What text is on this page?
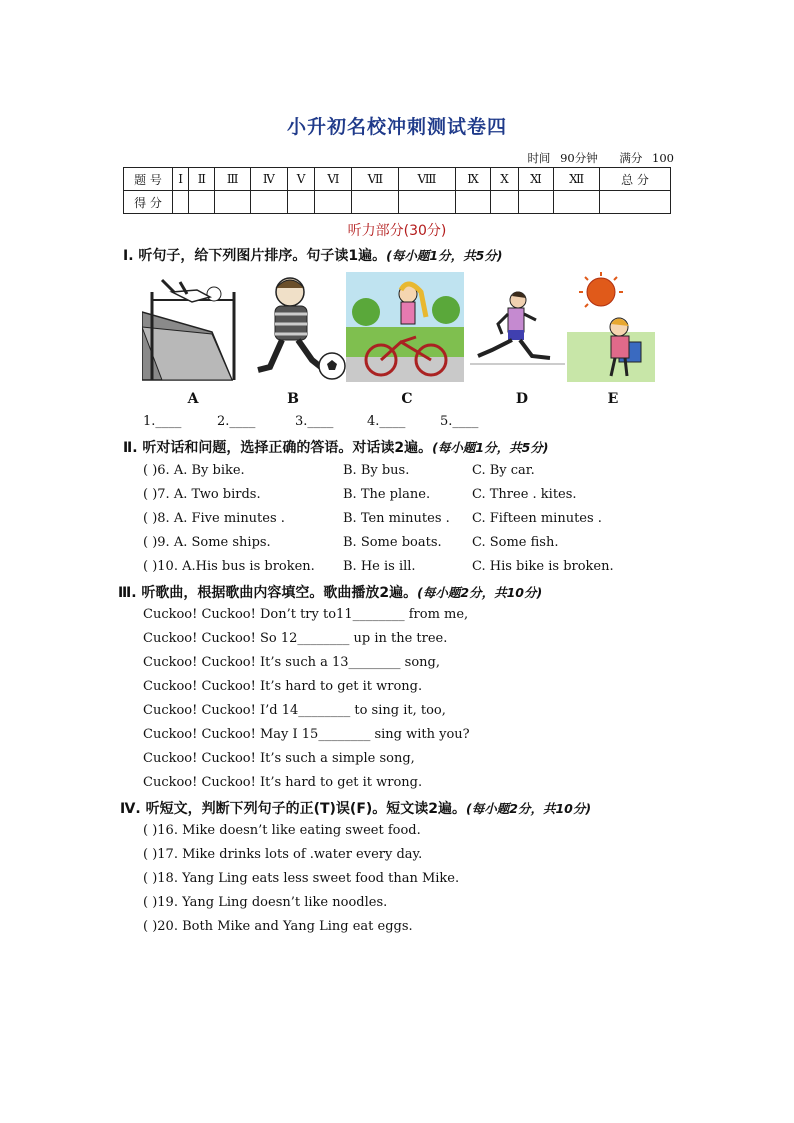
小升初名校冲刺测试卷四
时间 90分钟 满分 100
题 号	Ⅰ	Ⅱ	Ⅲ	Ⅳ	Ⅴ	Ⅵ	Ⅶ	Ⅷ	Ⅸ	Ⅹ	Ⅺ	Ⅻ	总 分
得 分													
听力部分(30分)
Ⅰ. 听句子，给下列图片排序。句子读1遍。(每小题1分，共5分)
A	B	C	D	E
1.____	2.____	3.____	4.____	5.____
Ⅱ. 听对话和问题，选择正确的答语。对话读2遍。(每小题1分，共5分)
( )6. A. By bike.	B. By bus.	C. By car.
( )7. A. Two birds.	B. The plane.	C. Three . kites.
( )8. A. Five minutes .	B. Ten minutes . C. Fifteen minutes .
( )9. A. Some ships.	B. Some boats. C. Some fish.
( )10. A.His bus is broken. B. He is ill.	C. His bike is broken.
Ⅲ. 听歌曲，根据歌曲内容填空。歌曲播放2遍。(每小题2分，共10分)
Cuckoo! Cuckoo! Don’t try to11________ from me,
Cuckoo! Cuckoo! So 12________ up in the tree.
Cuckoo! Cuckoo! It’s such a 13________ song,
Cuckoo! Cuckoo! It’s hard to get it wrong.
Cuckoo! Cuckoo! I’d 14________ to sing it, too,
Cuckoo! Cuckoo! May I 15________ sing with you?
Cuckoo! Cuckoo! It’s such a simple song,
Cuckoo! Cuckoo! It’s hard to get it wrong.
Ⅳ. 听短文，判断下列句子的正(T)误(F)。短文读2遍。(每小题2分，共10分)
( )16. Mike doesn’t like eating sweet food.
( )17. Mike drinks lots of .water every day.
( )18. Yang Ling eats less sweet food than Mike.
( )19. Yang Ling doesn’t like noodles.
( )20. Both Mike and Yang Ling eat eggs.
